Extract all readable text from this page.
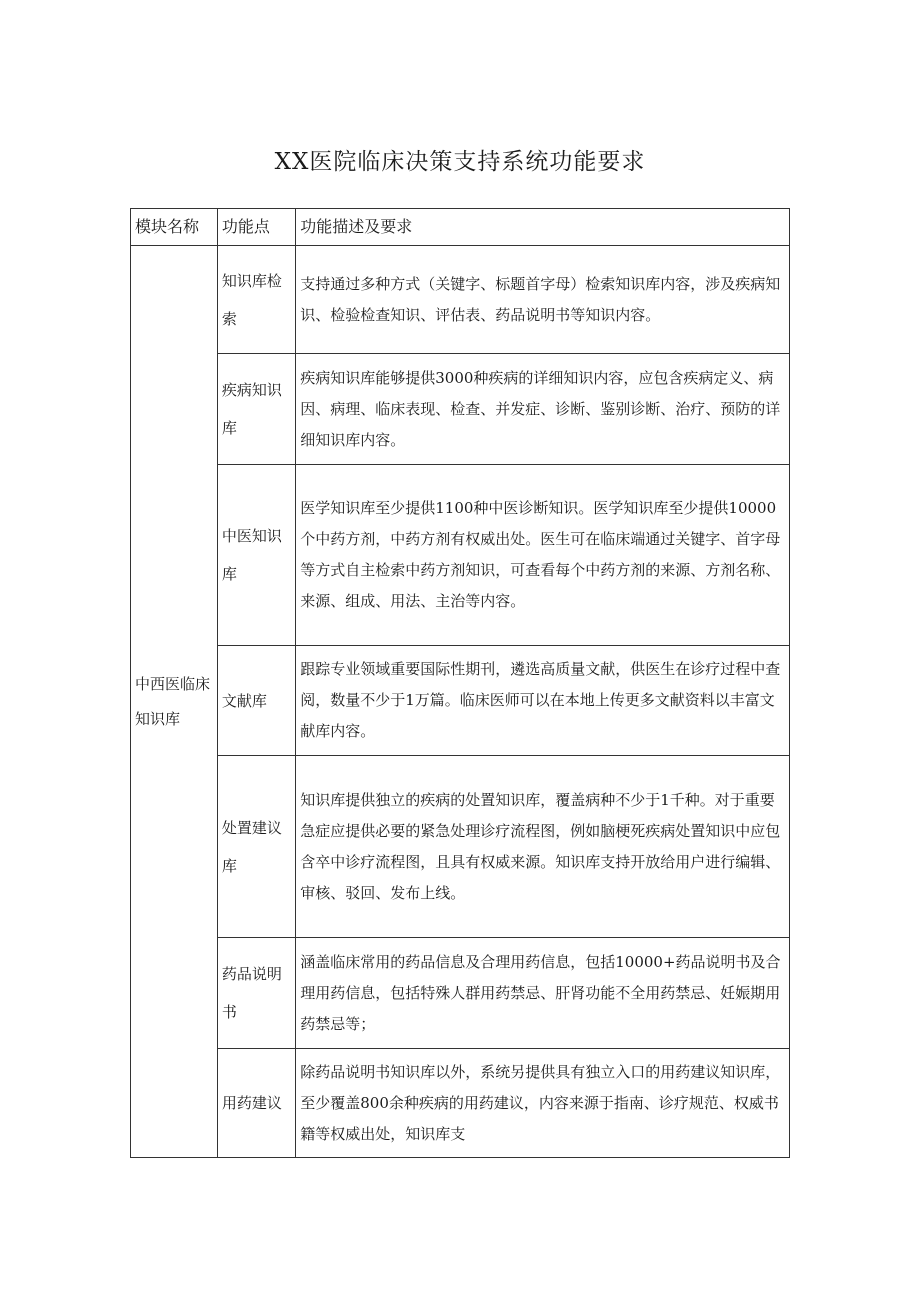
XX医院临床决策支持系统功能要求
模块名称	功能点	功能描述及要求
中西医临床知识库	知识库检索	支持通过多种方式（关键字、标题首字母）检索知识库内容，涉及疾病知识、检验检查知识、评估表、药品说明书等知识内容。
	疾病知识库	疾病知识库能够提供3000种疾病的详细知识内容，应包含疾病定义、病因、病理、临床表现、检查、并发症、诊断、鉴别诊断、治疗、预防的详细知识库内容。
	中医知识库	医学知识库至少提供1100种中医诊断知识。医学知识库至少提供10000个中药方剂，中药方剂有权威出处。医生可在临床端通过关键字、首字母等方式自主检索中药方剂知识，可查看每个中药方剂的来源、方剂名称、来源、组成、用法、主治等内容。
	文献库	跟踪专业领域重要国际性期刊，遴选高质量文献，供医生在诊疗过程中查阅，数量不少于1万篇。临床医师可以在本地上传更多文献资料以丰富文献库内容。
	处置建议库	知识库提供独立的疾病的处置知识库，覆盖病种不少于1千种。对于重要急症应提供必要的紧急处理诊疗流程图，例如脑梗死疾病处置知识中应包含卒中诊疗流程图，且具有权威来源。知识库支持开放给用户进行编辑、审核、驳回、发布上线。
	药品说明书	涵盖临床常用的药品信息及合理用药信息，包括10000+药品说明书及合理用药信息，包括特殊人群用药禁忌、肝肾功能不全用药禁忌、妊娠期用药禁忌等；
	用药建议	除药品说明书知识库以外，系统另提供具有独立入口的用药建议知识库，至少覆盖800余种疾病的用药建议，内容来源于指南、诊疗规范、权威书籍等权威出处，知识库支
